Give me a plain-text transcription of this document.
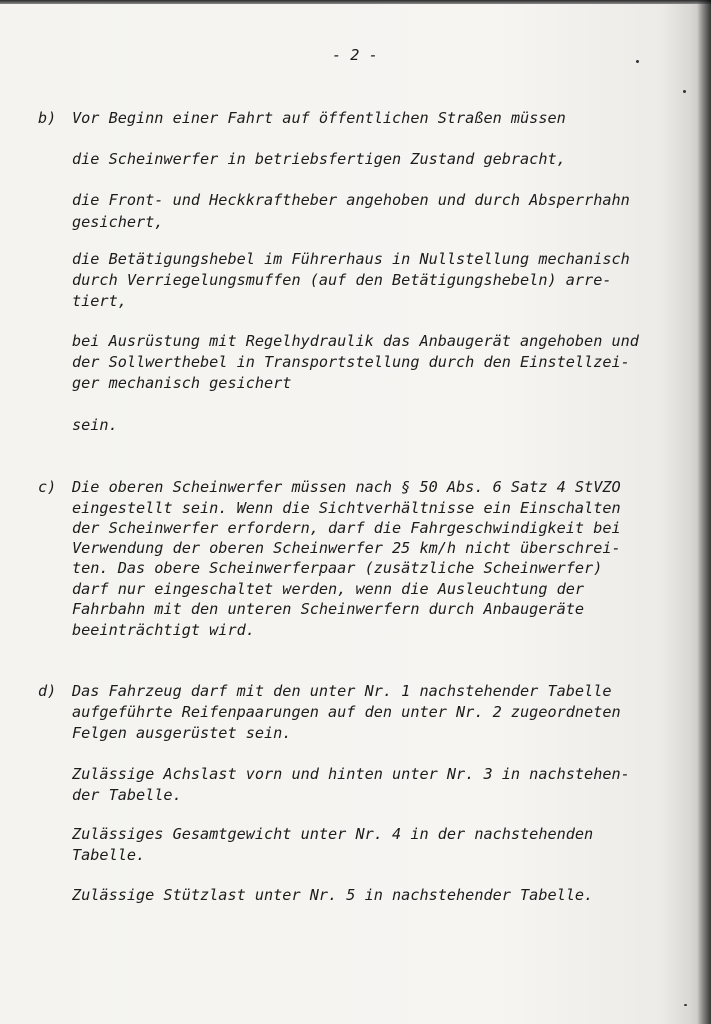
- 2 -
b) Vor Beginn einer Fahrt auf öffentlichen Straßen müssen
die Scheinwerfer in betriebsfertigen Zustand gebracht,
die Front- und Heckkraftheber angehoben und durch Absperrhahn
gesichert,
die Betätigungshebel im Führerhaus in Nullstellung mechanisch
durch Verriegelungsmuffen (auf den Betätigungshebeln) arre-
tiert,
bei Ausrüstung mit Regelhydraulik das Anbaugerät angehoben und
der Sollwerthebel in Transportstellung durch den Einstellzei-
ger mechanisch gesichert
sein.
c) Die oberen Scheinwerfer müssen nach § 50 Abs. 6 Satz 4 StVZO
eingestellt sein. Wenn die Sichtverhältnisse ein Einschalten
der Scheinwerfer erfordern, darf die Fahrgeschwindigkeit bei
Verwendung der oberen Scheinwerfer 25 km/h nicht überschrei-
ten. Das obere Scheinwerferpaar (zusätzliche Scheinwerfer)
darf nur eingeschaltet werden, wenn die Ausleuchtung der
Fahrbahn mit den unteren Scheinwerfern durch Anbaugeräte
beeinträchtigt wird.
d) Das Fahrzeug darf mit den unter Nr. 1 nachstehender Tabelle
aufgeführte Reifenpaarungen auf den unter Nr. 2 zugeordneten
Felgen ausgerüstet sein.
Zulässige Achslast vorn und hinten unter Nr. 3 in nachstehen-
der Tabelle.
Zulässiges Gesamtgewicht unter Nr. 4 in der nachstehenden
Tabelle.
Zulässige Stützlast unter Nr. 5 in nachstehender Tabelle.
